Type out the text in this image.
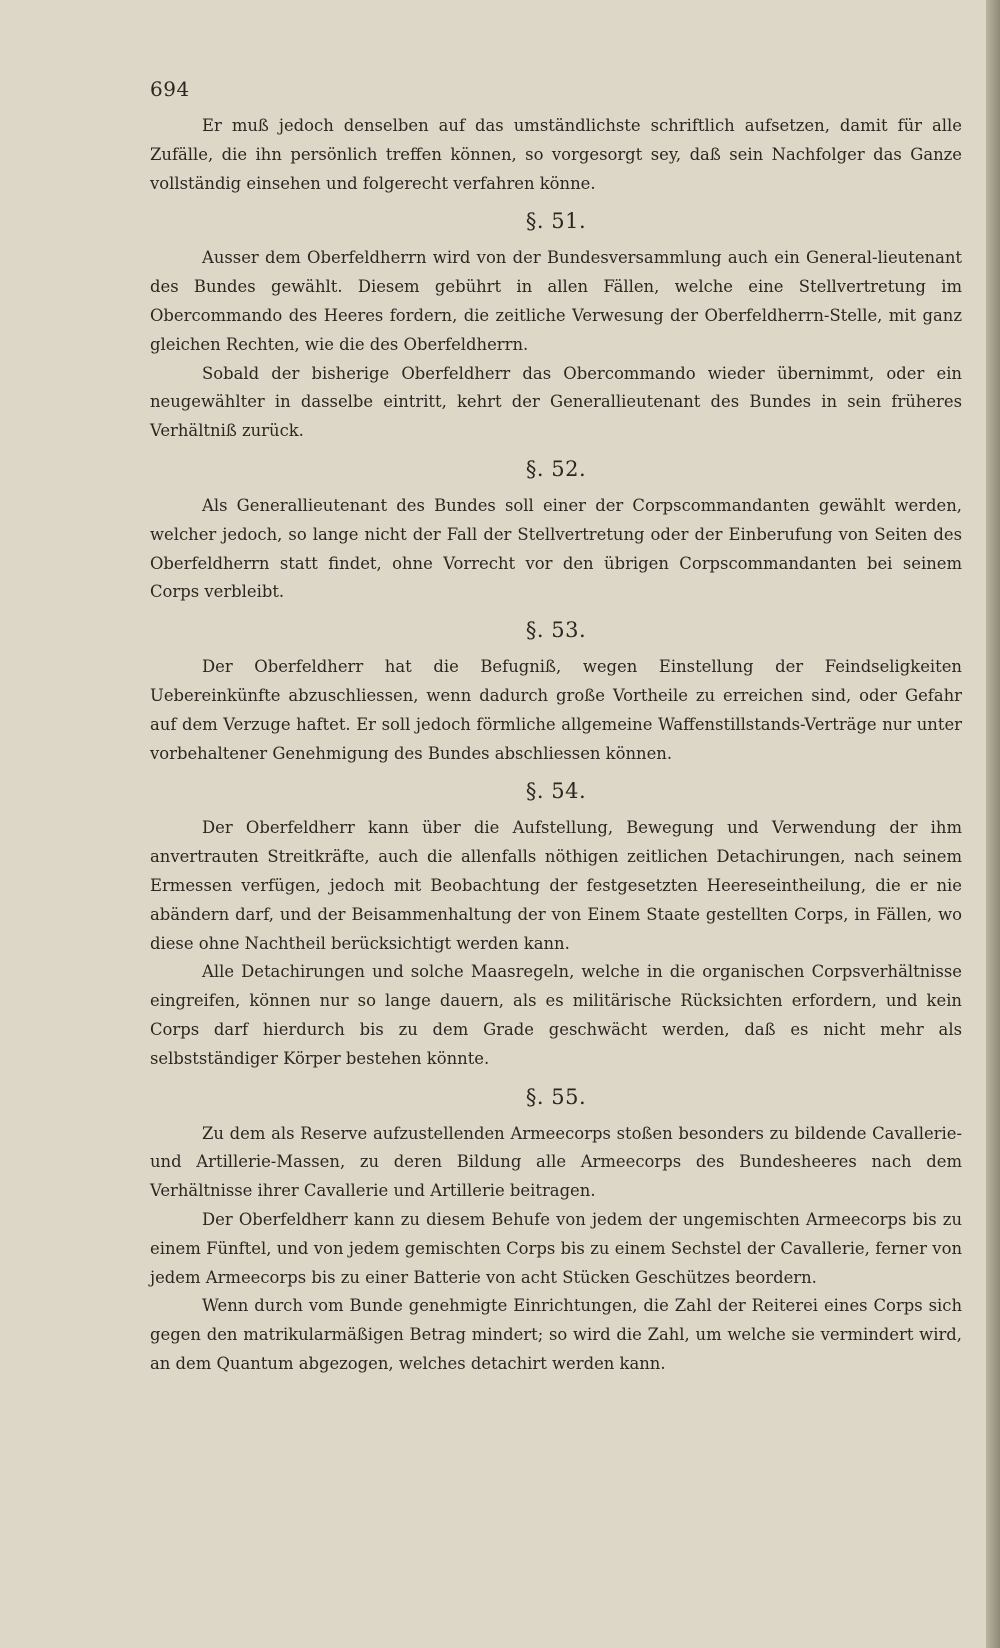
694

Er muß jedoch denselben auf das umständlichste schriftlich aufsetzen, damit für alle Zufälle, die ihn persönlich treffen können, so vorgesorgt sey, daß sein Nachfolger das Ganze vollständig einsehen und folgerecht verfahren könne.

§. 51.

Ausser dem Oberfeldherrn wird von der Bundesversammlung auch ein General-lieutenant des Bundes gewählt. Diesem gebührt in allen Fällen, welche eine Stellvertretung im Obercommando des Heeres fordern, die zeitliche Verwesung der Oberfeldherrn-Stelle, mit ganz gleichen Rechten, wie die des Oberfeldherrn.

Sobald der bisherige Oberfeldherr das Obercommando wieder übernimmt, oder ein neugewählter in dasselbe eintritt, kehrt der Generallieutenant des Bundes in sein früheres Verhältniß zurück.

§. 52.

Als Generallieutenant des Bundes soll einer der Corpscommandanten gewählt werden, welcher jedoch, so lange nicht der Fall der Stellvertretung oder der Einberufung von Seiten des Oberfeldherrn statt findet, ohne Vorrecht vor den übrigen Corpscommandanten bei seinem Corps verbleibt.

§. 53.

Der Oberfeldherr hat die Befugniß, wegen Einstellung der Feindseligkeiten Uebereinkünfte abzuschliessen, wenn dadurch große Vortheile zu erreichen sind, oder Gefahr auf dem Verzuge haftet. Er soll jedoch förmliche allgemeine Waffenstillstands-Verträge nur unter vorbehaltener Genehmigung des Bundes abschliessen können.

§. 54.

Der Oberfeldherr kann über die Aufstellung, Bewegung und Verwendung der ihm anvertrauten Streitkräfte, auch die allenfalls nöthigen zeitlichen Detachirungen, nach seinem Ermessen verfügen, jedoch mit Beobachtung der festgesetzten Heereseintheilung, die er nie abändern darf, und der Beisammenhaltung der von Einem Staate gestellten Corps, in Fällen, wo diese ohne Nachtheil berücksichtigt werden kann.

Alle Detachirungen und solche Maasregeln, welche in die organischen Corpsverhältnisse eingreifen, können nur so lange dauern, als es militärische Rücksichten erfordern, und kein Corps darf hierdurch bis zu dem Grade geschwächt werden, daß es nicht mehr als selbstständiger Körper bestehen könnte.

§. 55.

Zu dem als Reserve aufzustellenden Armeecorps stoßen besonders zu bildende Cavallerie- und Artillerie-Massen, zu deren Bildung alle Armeecorps des Bundesheeres nach dem Verhältnisse ihrer Cavallerie und Artillerie beitragen.

Der Oberfeldherr kann zu diesem Behufe von jedem der ungemischten Armeecorps bis zu einem Fünftel, und von jedem gemischten Corps bis zu einem Sechstel der Cavallerie, ferner von jedem Armeecorps bis zu einer Batterie von acht Stücken Geschützes beordern.

Wenn durch vom Bunde genehmigte Einrichtungen, die Zahl der Reiterei eines Corps sich gegen den matrikularmäßigen Betrag mindert; so wird die Zahl, um welche sie vermindert wird, an dem Quantum abgezogen, welches detachirt werden kann.
